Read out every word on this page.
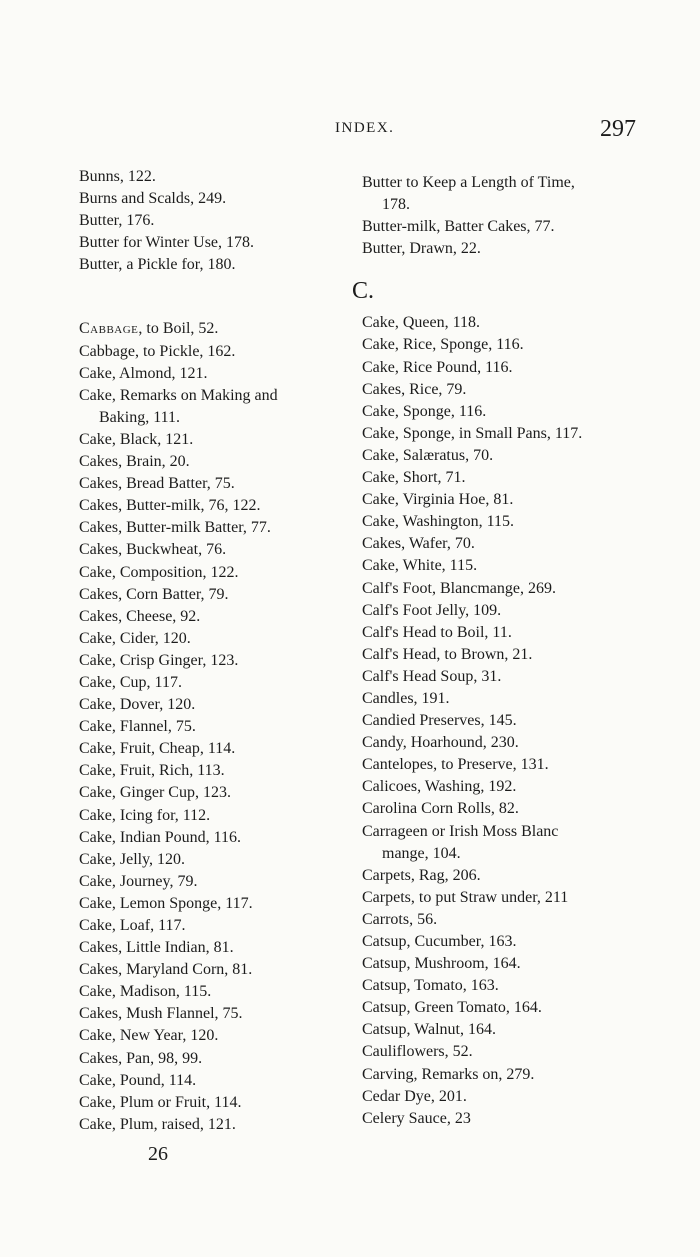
INDEX.	297
Bunns, 122.
Burns and Scalds, 249.
Butter, 176.
Butter for Winter Use, 178.
Butter, a Pickle for, 180.
Cabbage, to Boil, 52.
Cabbage, to Pickle, 162.
Cake, Almond, 121.
Cake, Remarks on Making and
Baking, 111.
Cake, Black, 121.
Cakes, Brain, 20.
Cakes, Bread Batter, 75.
Cakes, Butter-milk, 76, 122.
Cakes, Butter-milk Batter, 77.
Cakes, Buckwheat, 76.
Cake, Composition, 122.
Cakes, Corn Batter, 79.
Cakes, Cheese, 92.
Cake, Cider, 120.
Cake, Crisp Ginger, 123.
Cake, Cup, 117.
Cake, Dover, 120.
Cake, Flannel, 75.
Cake, Fruit, Cheap, 114.
Cake, Fruit, Rich, 113.
Cake, Ginger Cup, 123.
Cake, Icing for, 112.
Cake, Indian Pound, 116.
Cake, Jelly, 120.
Cake, Journey, 79.
Cake, Lemon Sponge, 117.
Cake, Loaf, 117.
Cakes, Little Indian, 81.
Cakes, Maryland Corn, 81.
Cake, Madison, 115.
Cakes, Mush Flannel, 75.
Cake, New Year, 120.
Cakes, Pan, 98, 99.
Cake, Pound, 114.
Cake, Plum or Fruit, 114.
Cake, Plum, raised, 121.
Butter to Keep a Length of Time,
178.
Butter-milk, Batter Cakes, 77.
Butter, Drawn, 22.
C.
Cake, Queen, 118.
Cake, Rice, Sponge, 116.
Cake, Rice Pound, 116.
Cakes, Rice, 79.
Cake, Sponge, 116.
Cake, Sponge, in Small Pans, 117.
Cake, Salæratus, 70.
Cake, Short, 71.
Cake, Virginia Hoe, 81.
Cake, Washington, 115.
Cakes, Wafer, 70.
Cake, White, 115.
Calf's Foot, Blancmange, 269.
Calf's Foot Jelly, 109.
Calf's Head to Boil, 11.
Calf's Head, to Brown, 21.
Calf's Head Soup, 31.
Candles, 191.
Candied Preserves, 145.
Candy, Hoarhound, 230.
Cantelopes, to Preserve, 131.
Calicoes, Washing, 192.
Carolina Corn Rolls, 82.
Carrageen or Irish Moss Blanc
mange, 104.
Carpets, Rag, 206.
Carpets, to put Straw under, 211
Carrots, 56.
Catsup, Cucumber, 163.
Catsup, Mushroom, 164.
Catsup, Tomato, 163.
Catsup, Green Tomato, 164.
Catsup, Walnut, 164.
Cauliflowers, 52.
Carving, Remarks on, 279.
Cedar Dye, 201.
Celery Sauce, 23
26
